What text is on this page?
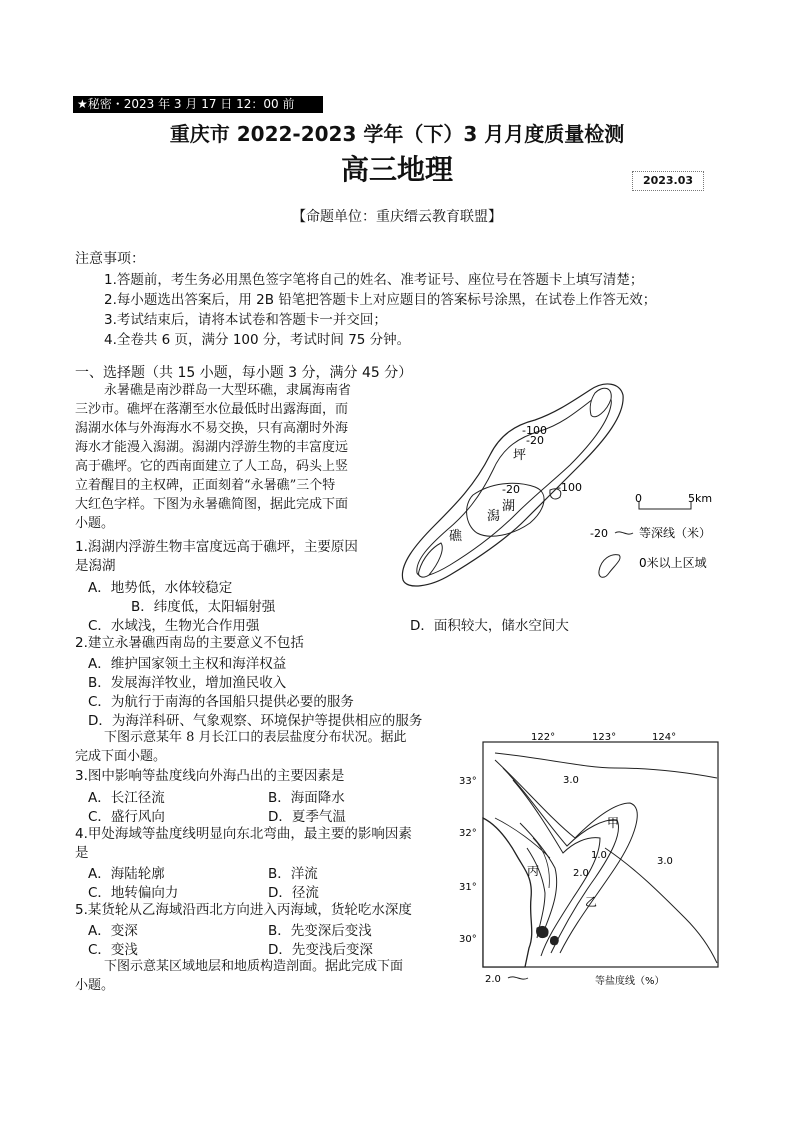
★秘密・2023 年 3 月 17 日 12：00 前
重庆市 2022-2023 学年（下）3 月月度质量检测
高三地理	2023.03
【命题单位：重庆缙云教育联盟】
注意事项：
1.答题前，考生务必用黑色签字笔将自己的姓名、准考证号、座位号在答题卡上填写清楚；
2.每小题选出答案后，用 2B 铅笔把答题卡上对应题目的答案标号涂黑，在试卷上作答无效；
3.考试结束后，请将本试卷和答题卡一并交回；
4.全卷共 6 页，满分 100 分，考试时间 75 分钟。
一、选择题（共 15 小题，每小题 3 分，满分 45 分）
永暑礁是南沙群岛一大型环礁，隶属海南省
三沙市。礁坪在落潮至水位最低时出露海面，而
潟湖水体与外海海水不易交换，只有高潮时外海
海水才能漫入潟湖。潟湖内浮游生物的丰富度远
高于礁坪。它的西南面建立了人工岛，码头上竖
立着醒目的主权碑，正面刻着“永暑礁”三个特
大红色字样。下图为永暑礁简图，据此完成下面
小题。
-100
-20
-20	-100
坪
礁
潟
湖
0	5km
-20	等深线（米）
0米以上区域
1.潟湖内浮游生物丰富度远高于礁坪，主要原因
是潟湖
A．地势低，水体较稳定
B．纬度低，太阳辐射强
C．水域浅，生物光合作用强	D．面积较大，储水空间大
2.建立永暑礁西南岛的主要意义不包括
A．维护国家领土主权和海洋权益
B．发展海洋牧业，增加渔民收入
C．为航行于南海的各国船只提供必要的服务
D．为海洋科研、气象观察、环境保护等提供相应的服务
下图示意某年 8 月长江口的表层盐度分布状况。据此
完成下面小题。
3.图中影响等盐度线向外海凸出的主要因素是
A．长江径流	B．海面降水
C．盛行风向	D．夏季气温
4.甲处海域等盐度线明显向东北弯曲，最主要的影响因素
是
A．海陆轮廓	B．洋流
C．地转偏向力	D．径流
5.某货轮从乙海域沿西北方向进入丙海域，货轮吃水深度
A．变深	B．先变深后变浅
C．变浅	D．先变浅后变深
下图示意某区域地层和地质构造剖面。据此完成下面
小题。
122°	123°	124°
33°
32°
31°
30°
3.0
3.0
1.0
2.0
甲
乙
丙
2.0	等盐度线（%）
